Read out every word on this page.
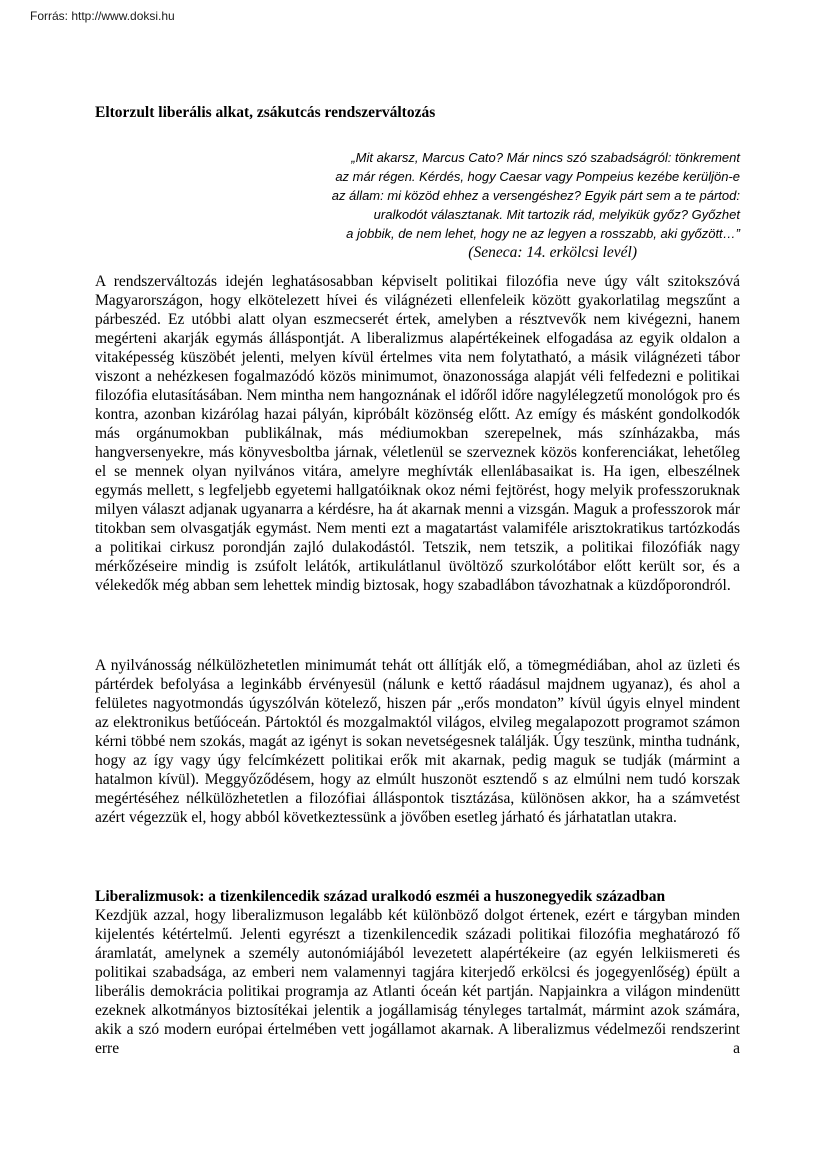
Forrás: http://www.doksi.hu
Eltorzult liberális alkat, zsákutcás rendszerváltozás
„Mit akarsz, Marcus Cato? Már nincs szó szabadságról: tönkrement
az már régen. Kérdés, hogy Caesar vagy Pompeius kezébe kerüljön-e
az állam: mi közöd ehhez a versengéshez? Egyik párt sem a te pártod:
uralkodót választanak. Mit tartozik rád, melyikük győz? Győzhet
a jobbik, de nem lehet, hogy ne az legyen a rosszabb, aki győzött…”
(Seneca: 14. erkölcsi levél)

A rendszerváltozás idején leghatásosabban képviselt politikai filozófia neve úgy vált szitokszóvá Magyarországon, hogy elkötelezett hívei és világnézeti ellenfeleik között gyakorlatilag megszűnt a párbeszéd. Ez utóbbi alatt olyan eszmecserét értek, amelyben a résztvevők nem kivégezni, hanem megérteni akarják egymás álláspontját. A liberalizmus alapértékeinek elfogadása az egyik oldalon a vitaképesség küszöbét jelenti, melyen kívül értelmes vita nem folytatható, a másik világnézeti tábor viszont a nehézkesen fogalmazódó közös minimumot, önazonossága alapját véli felfedezni e politikai filozófia elutasításában. Nem mintha nem hangoznának el időről időre nagylélegzetű monológok pro és kontra, azonban kizárólag hazai pályán, kipróbált közönség előtt. Az emígy és másként gondolkodók más orgánumokban publikálnak, más médiumokban szerepelnek, más színházakba, más hangversenyekre, más könyvesboltba járnak, véletlenül se szerveznek közös konferenciákat, lehetőleg el se mennek olyan nyilvános vitára, amelyre meghívták ellenlábasaikat is. Ha igen, elbeszélnek egymás mellett, s legfeljebb egyetemi hallgatóiknak okoz némi fejtörést, hogy melyik professzoruknak milyen választ adjanak ugyanarra a kérdésre, ha át akarnak menni a vizsgán. Maguk a professzorok már titokban sem olvasgatják egymást. Nem menti ezt a magatartást valamiféle arisztokratikus tartózkodás a politikai cirkusz porondján zajló dulakodástól. Tetszik, nem tetszik, a politikai filozófiák nagy mérkőzéseire mindig is zsúfolt lelátók, artikulátlanul üvöltöző szurkolótábor előtt került sor, és a vélekedők még abban sem lehettek mindig biztosak, hogy szabadlábon távozhatnak a küzdőporondról.

A nyilvánosság nélkülözhetetlen minimumát tehát ott állítják elő, a tömegmédiában, ahol az üzleti és pártérdek befolyása a leginkább érvényesül (nálunk e kettő ráadásul majdnem ugyanaz), és ahol a felületes nagyotmondás úgyszólván kötelező, hiszen pár „erős mondaton” kívül úgyis elnyel mindent az elektronikus betűóceán. Pártoktól és mozgalmaktól világos, elvileg megalapozott programot számon kérni többé nem szokás, magát az igényt is sokan nevetségesnek találják. Úgy teszünk, mintha tudnánk, hogy az így vagy úgy felcímkézett politikai erők mit akarnak, pedig maguk se tudják (mármint a hatalmon kívül). Meggyőződésem, hogy az elmúlt huszonöt esztendő s az elmúlni nem tudó korszak megértéséhez nélkülözhetetlen a filozófiai álláspontok tisztázása, különösen akkor, ha a számvetést azért végezzük el, hogy abból következtessünk a jövőben esetleg járható és járhatatlan utakra.

Liberalizmusok: a tizenkilencedik század uralkodó eszméi a huszonegyedik században

Kezdjük azzal, hogy liberalizmuson legalább két különböző dolgot értenek, ezért e tárgyban minden kijelentés kétértelmű. Jelenti egyrészt a tizenkilencedik századi politikai filozófia meghatározó fő áramlatát, amelynek a személy autonómiájából levezetett alapértékeire (az egyén lelkiismereti és politikai szabadsága, az emberi nem valamennyi tagjára kiterjedő erkölcsi és jogegyenlőség) épült a liberális demokrácia politikai programja az Atlanti óceán két partján. Napjainkra a világon mindenütt ezeknek alkotmányos biztosítékai jelentik a jogállamiság tényleges tartalmát, mármint azok számára, akik a szó modern európai értelmében vett jogállamot akarnak. A liberalizmus védelmezői rendszerint erre a
